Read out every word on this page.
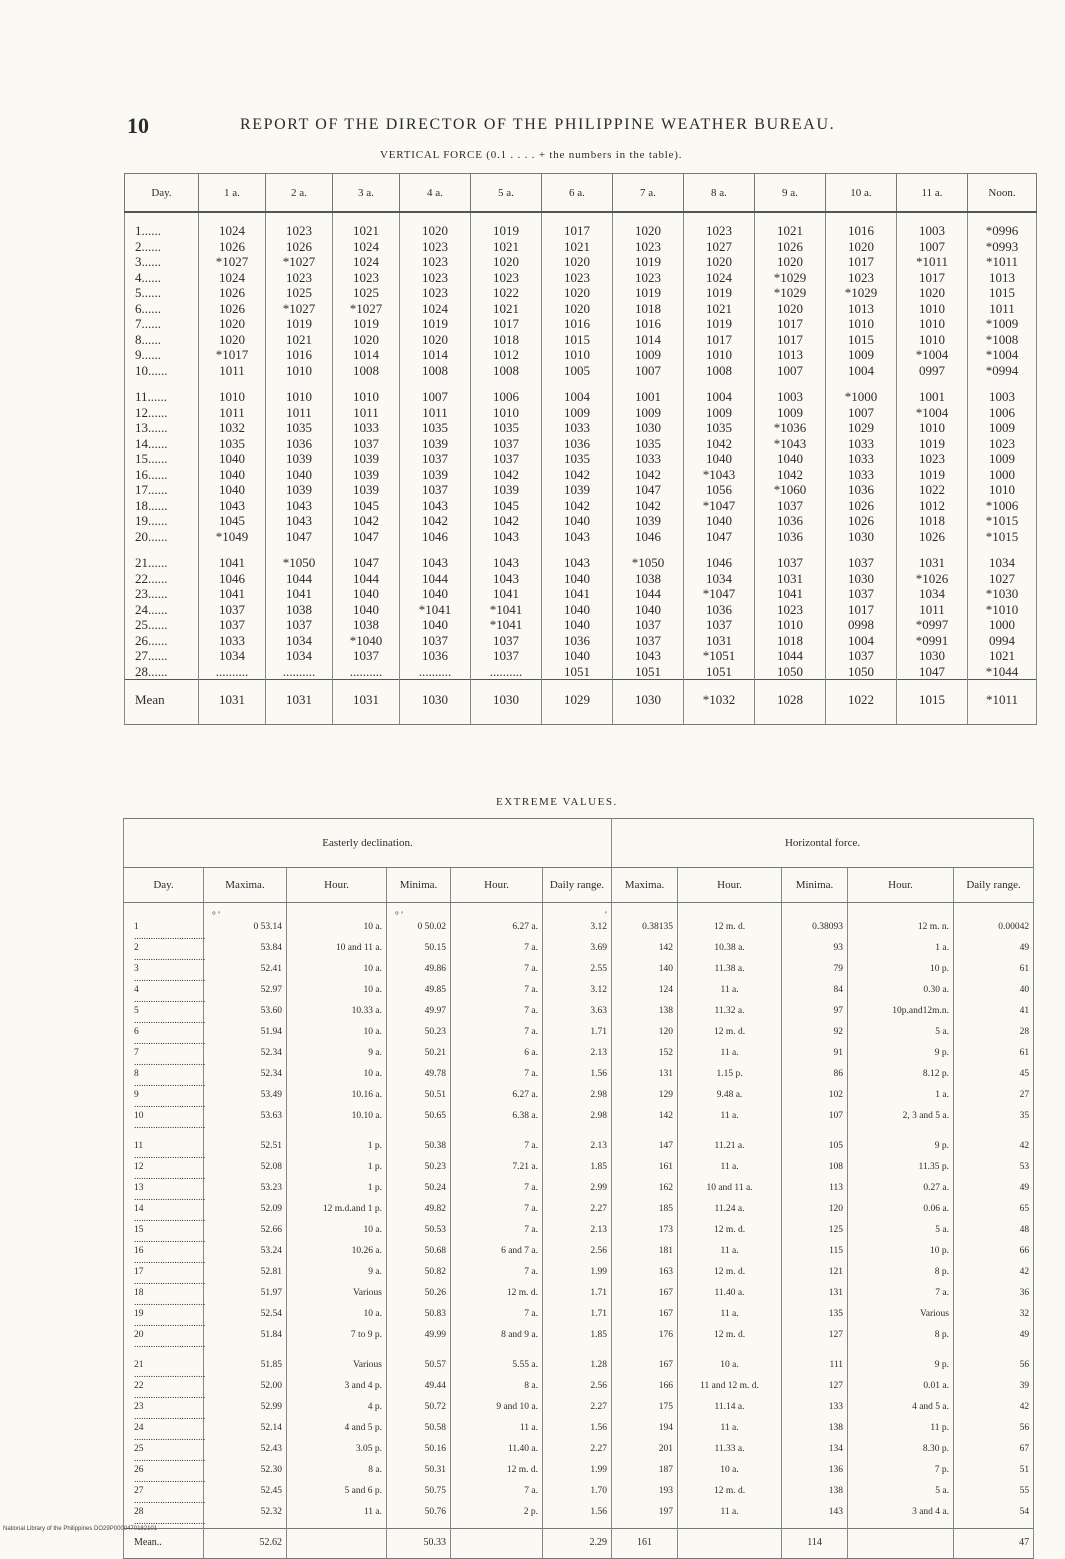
10	REPORT OF THE DIRECTOR OF THE PHILIPPINE WEATHER BUREAU.
VERTICAL FORCE (0.1 . . . . + the numbers in the table).
Day.	1 a.	2 a.	3 a.	4 a.	5 a.	6 a.	7 a.	8 a.	9 a.	10 a.	11 a.	Noon.
1......	1024	1023	1021	1020	1019	1017	1020	1023	1021	1016	1003	*0996
2......	1026	1026	1024	1023	1021	1021	1023	1027	1026	1020	1007	*0993
3......	*1027	*1027	1024	1023	1020	1020	1019	1020	1020	1017	*1011	*1011
4......	1024	1023	1023	1023	1023	1023	1023	1024	*1029	1023	1017	1013
5......	1026	1025	1025	1023	1022	1020	1019	1019	*1029	*1029	1020	1015
6......	1026	*1027	*1027	1024	1021	1020	1018	1021	1020	1013	1010	1011
7......	1020	1019	1019	1019	1017	1016	1016	1019	1017	1010	1010	*1009
8......	1020	1021	1020	1020	1018	1015	1014	1017	1017	1015	1010	*1008
9......	*1017	1016	1014	1014	1012	1010	1009	1010	1013	1009	*1004	*1004
10......	1011	1010	1008	1008	1008	1005	1007	1008	1007	1004	0997	*0994
11......	1010	1010	1010	1007	1006	1004	1001	1004	1003	*1000	1001	1003
12......	1011	1011	1011	1011	1010	1009	1009	1009	1009	1007	*1004	1006
13......	1032	1035	1033	1035	1035	1033	1030	1035	*1036	1029	1010	1009
14......	1035	1036	1037	1039	1037	1036	1035	1042	*1043	1033	1019	1023
15......	1040	1039	1039	1037	1037	1035	1033	1040	1040	1033	1023	1009
16......	1040	1040	1039	1039	1042	1042	1042	*1043	1042	1033	1019	1000
17......	1040	1039	1039	1037	1039	1039	1047	1056	*1060	1036	1022	1010
18......	1043	1043	1045	1043	1045	1042	1042	*1047	1037	1026	1012	*1006
19......	1045	1043	1042	1042	1042	1040	1039	1040	1036	1026	1018	*1015
20......	*1049	1047	1047	1046	1043	1043	1046	1047	1036	1030	1026	*1015
21......	1041	*1050	1047	1043	1043	1043	*1050	1046	1037	1037	1031	1034
22......	1046	1044	1044	1044	1043	1040	1038	1034	1031	1030	*1026	1027
23......	1041	1041	1040	1040	1041	1041	1044	*1047	1041	1037	1034	*1030
24......	1037	1038	1040	*1041	*1041	1040	1040	1036	1023	1017	1011	*1010
25......	1037	1037	1038	1040	*1041	1040	1037	1037	1010	0998	*0997	1000
26......	1033	1034	*1040	1037	1037	1036	1037	1031	1018	1004	*0991	0994
27......	1034	1034	1037	1036	1037	1040	1043	*1051	1044	1037	1030	1021
28......	..........	..........	..........	..........	..........	1051	1051	1051	1050	1050	1047	*1044
Mean	1031	1031	1031	1030	1030	1029	1030	*1032	1028	1022	1015	*1011
EXTREME VALUES.
Easterly declination.						Horizontal force.				
Day.	Maxima.	Hour.	Minima.	Hour.	Daily range.	Maxima.	Hour.	Minima.	Hour.	Daily range.
	° ′		° ′		′					
1 ..............................	0 53.14	10 a.	0 50.02	6.27 a.	3.12	0.38135	12 m. d.	0.38093	12 m. n.	0.00042
2 ..............................	53.84	10 and 11 a.	50.15	7 a.	3.69	142	10.38 a.	93	1 a.	49
3 ..............................	52.41	10 a.	49.86	7 a.	2.55	140	11.38 a.	79	10 p.	61
4 ..............................	52.97	10 a.	49.85	7 a.	3.12	124	11 a.	84	0.30 a.	40
5 ..............................	53.60	10.33 a.	49.97	7 a.	3.63	138	11.32 a.	97	10p.and12m.n.	41
6 ..............................	51.94	10 a.	50.23	7 a.	1.71	120	12 m. d.	92	5 a.	28
7 ..............................	52.34	9 a.	50.21	6 a.	2.13	152	11 a.	91	9 p.	61
8 ..............................	52.34	10 a.	49.78	7 a.	1.56	131	1.15 p.	86	8.12 p.	45
9 ..............................	53.49	10.16 a.	50.51	6.27 a.	2.98	129	9.48 a.	102	1 a.	27
10 ..............................	53.63	10.10 a.	50.65	6.38 a.	2.98	142	11 a.	107	2, 3 and 5 a.	35
11 ..............................	52.51	1 p.	50.38	7 a.	2.13	147	11.21 a.	105	9 p.	42
12 ..............................	52.08	1 p.	50.23	7.21 a.	1.85	161	11 a.	108	11.35 p.	53
13 ..............................	53.23	1 p.	50.24	7 a.	2.99	162	10 and 11 a.	113	0.27 a.	49
14 ..............................	52.09	12 m.d.and 1 p.	49.82	7 a.	2.27	185	11.24 a.	120	0.06 a.	65
15 ..............................	52.66	10 a.	50.53	7 a.	2.13	173	12 m. d.	125	5 a.	48
16 ..............................	53.24	10.26 a.	50.68	6 and 7 a.	2.56	181	11 a.	115	10 p.	66
17 ..............................	52.81	9 a.	50.82	7 a.	1.99	163	12 m. d.	121	8 p.	42
18 ..............................	51.97	Various	50.26	12 m. d.	1.71	167	11.40 a.	131	7 a.	36
19 ..............................	52.54	10 a.	50.83	7 a.	1.71	167	11 a.	135	Various	32
20 ..............................	51.84	7 to 9 p.	49.99	8 and 9 a.	1.85	176	12 m. d.	127	8 p.	49
21 ..............................	51.85	Various	50.57	5.55 a.	1.28	167	10 a.	111	9 p.	56
22 ..............................	52.00	3 and 4 p.	49.44	8 a.	2.56	166	11 and 12 m. d.	127	0.01 a.	39
23 ..............................	52.99	4 p.	50.72	9 and 10 a.	2.27	175	11.14 a.	133	4 and 5 a.	42
24 ..............................	52.14	4 and 5 p.	50.58	11 a.	1.56	194	11 a.	138	11 p.	56
25 ..............................	52.43	3.05 p.	50.16	11.40 a.	2.27	201	11.33 a.	134	8.30 p.	67
26 ..............................	52.30	8 a.	50.31	12 m. d.	1.99	187	10 a.	136	7 p.	51
27 ..............................	52.45	5 and 6 p.	50.75	7 a.	1.70	193	12 m. d.	138	5 a.	55
28 ..............................	52.32	11 a.	50.76	2 p.	1.56	197	11 a.	143	3 and 4 a.	54
Mean..	52.62		50.33		2.29	161		114		47
National Library of the Philippines DO29P0000470182101
